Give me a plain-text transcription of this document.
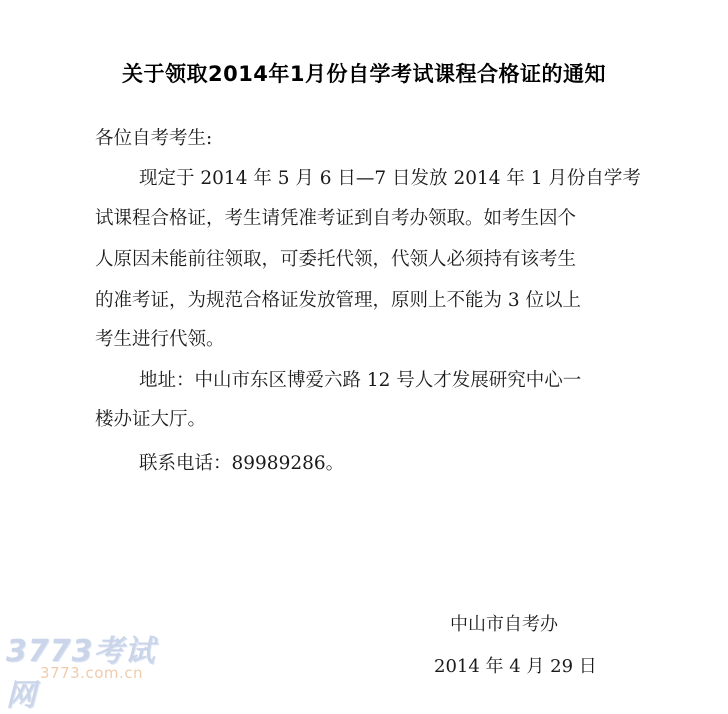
关于领取2014年1月份自学考试课程合格证的通知
各位自考考生:
现定于 2014 年 5 月 6 日—7 日发放 2014 年 1 月份自学考
试课程合格证，考生请凭准考证到自考办领取。如考生因个
人原因未能前往领取，可委托代领，代领人必须持有该考生
的准考证，为规范合格证发放管理，原则上不能为 3 位以上
考生进行代领。
地址：中山市东区博爱六路 12 号人才发展研究中心一
楼办证大厅。
联系电话：89989286。
中山市自考办
2014 年 4 月 29 日
3773考试网
3773.com.cn
